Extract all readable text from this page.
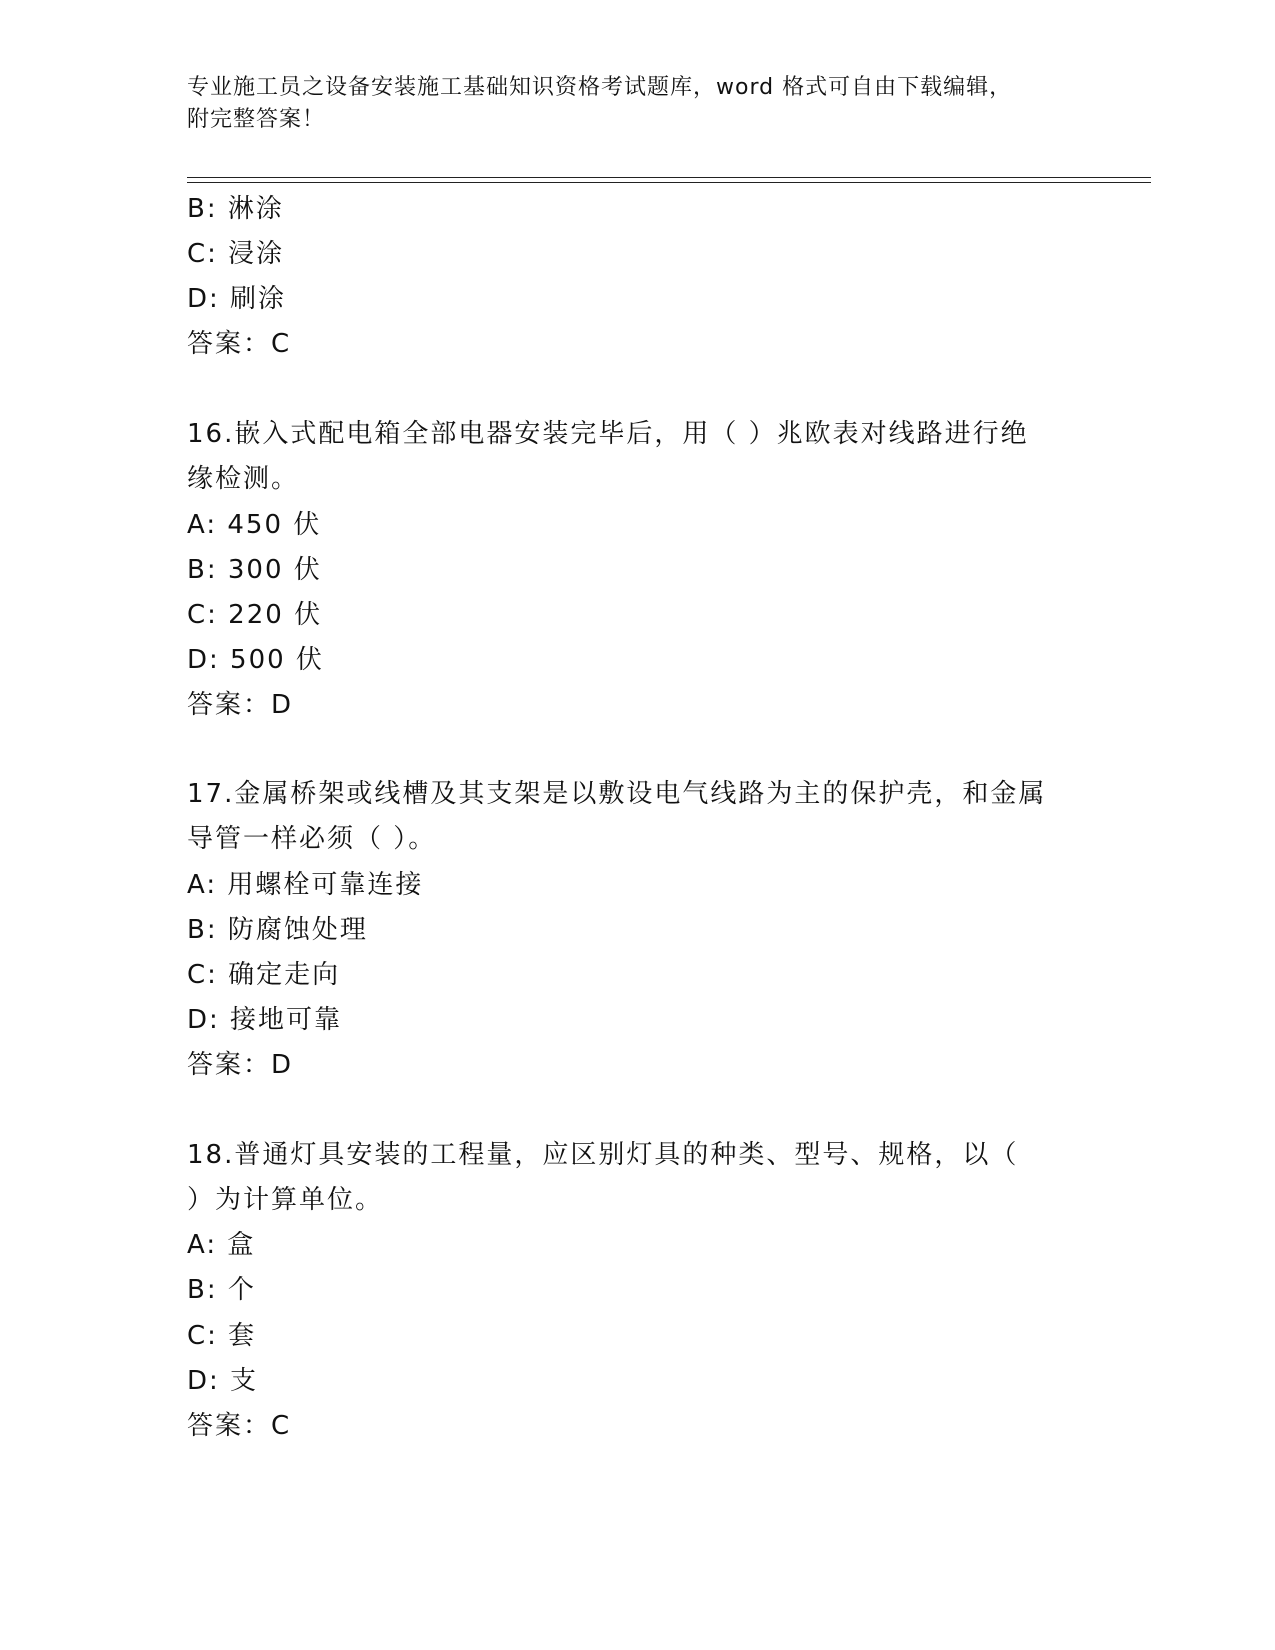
专业施工员之设备安装施工基础知识资格考试题库，word 格式可自由下载编辑，
附完整答案！
B: 淋涂
C: 浸涂
D: 刷涂
答案：C
16.嵌入式配电箱全部电器安装完毕后，用（ ）兆欧表对线路进行绝
缘检测。
A: 450 伏
B: 300 伏
C: 220 伏
D: 500 伏
答案：D
17.金属桥架或线槽及其支架是以敷设电气线路为主的保护壳，和金属
导管一样必须（ ）。
A: 用螺栓可靠连接
B: 防腐蚀处理
C: 确定走向
D: 接地可靠
答案：D
18.普通灯具安装的工程量，应区别灯具的种类、型号、规格，以（
）为计算单位。
A: 盒
B: 个
C: 套
D: 支
答案：C
